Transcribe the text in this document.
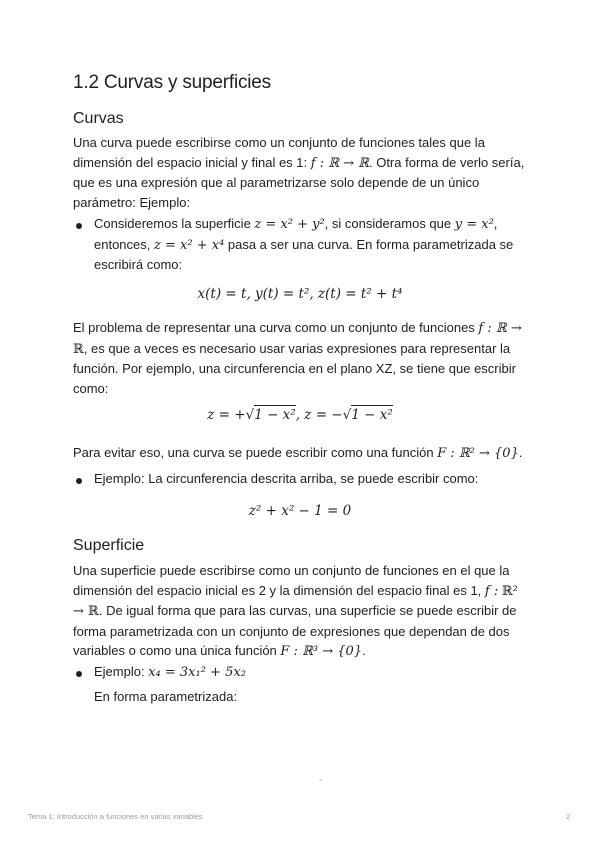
1.2 Curvas y superficies
Curvas

Una curva puede escribirse como un conjunto de funciones tales que la dimensión del espacio inicial y final es 1: f : ℝ → ℝ. Otra forma de verlo sería, que es una expresión que al parametrizarse solo depende de un único parámetro: Ejemplo:

Consideremos la superficie z = x² + y², si consideramos que y = x², entonces, z = x² + x⁴ pasa a ser una curva. En forma parametrizada se escribirá como:

x(t) = t, y(t) = t², z(t) = t² + t⁴

El problema de representar una curva como un conjunto de funciones f : ℝ → ℝ, es que a veces es necesario usar varias expresiones para representar la función. Por ejemplo, una circunferencia en el plano XZ, se tiene que escribir como:

z = +√1 − x², z = −√1 − x²

Para evitar eso, una curva se puede escribir como una función F : ℝ² → {0}.

Ejemplo: La circunferencia descrita arriba, se puede escribir como:

z² + x² − 1 = 0
Superficie

Una superficie puede escribirse como un conjunto de funciones en el que la dimensión del espacio inicial es 2 y la dimensión del espacio final es 1, f : ℝ² → ℝ. De igual forma que para las curvas, una superficie se puede escribir de forma parametrizada con un conjunto de expresiones que dependan de dos variables o como una única función F : ℝ³ → {0}.

Ejemplo: x₄ = 3x₁² + 5x₂

En forma parametrizada:

-
Tema 1: Introducción a funciones en varias variables	2
